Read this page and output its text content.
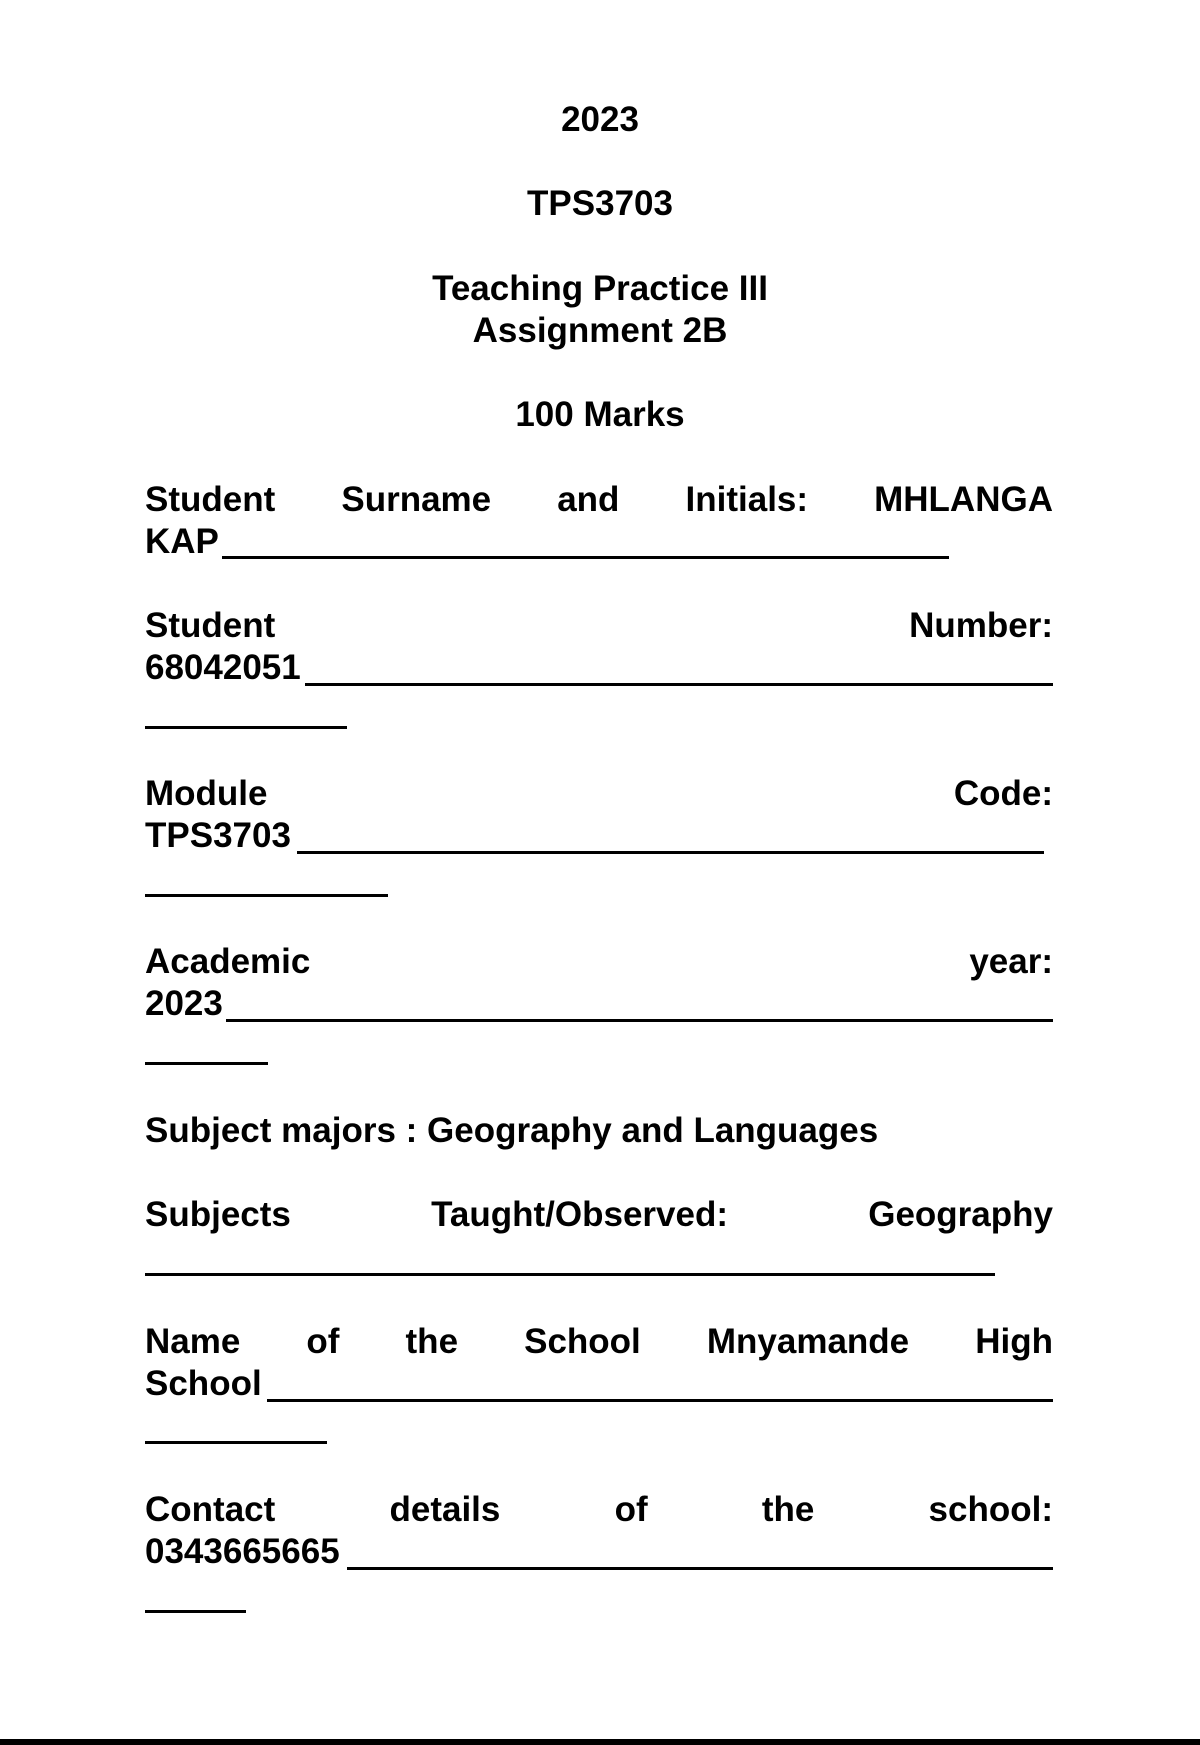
2023
TPS3703
Teaching Practice III
Assignment 2B
100 Marks
Student Surname and Initials: MHLANGA
KAP
Student	Number:
68042051
Module	Code:
TPS3703
Academic	year:
2023
Subject majors : Geography and Languages
Subjects	Taught/Observed:	Geography
Name of the School Mnyamande High
School
Contact	details	of	the	school:
0343665665
